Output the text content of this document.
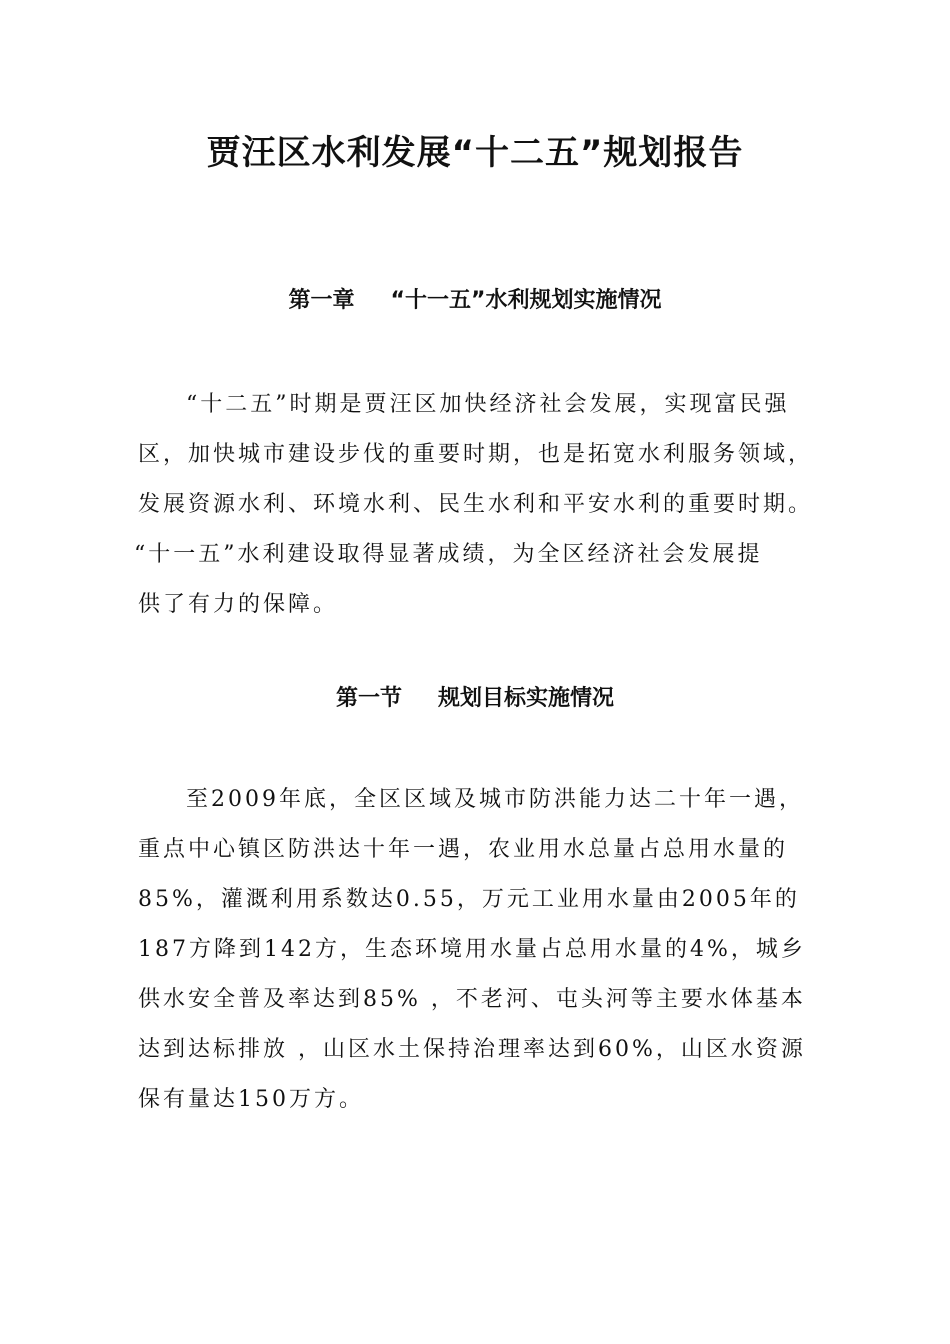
贾汪区水利发展“十二五”规划报告
第一章 “十一五”水利规划实施情况
“十二五”时期是贾汪区加快经济社会发展，实现富民强
区，加快城市建设步伐的重要时期，也是拓宽水利服务领域，
发展资源水利、环境水利、民生水利和平安水利的重要时期。
“十一五”水利建设取得显著成绩，为全区经济社会发展提
供了有力的保障。
第一节 规划目标实施情况
至2009年底，全区区域及城市防洪能力达二十年一遇，
重点中心镇区防洪达十年一遇，农业用水总量占总用水量的
85%，灌溉利用系数达0.55，万元工业用水量由2005年的
187方降到142方，生态环境用水量占总用水量的4%，城乡
供水安全普及率达到85% ，不老河、屯头河等主要水体基本
达到达标排放 ，山区水土保持治理率达到60%，山区水资源
保有量达150万方。
